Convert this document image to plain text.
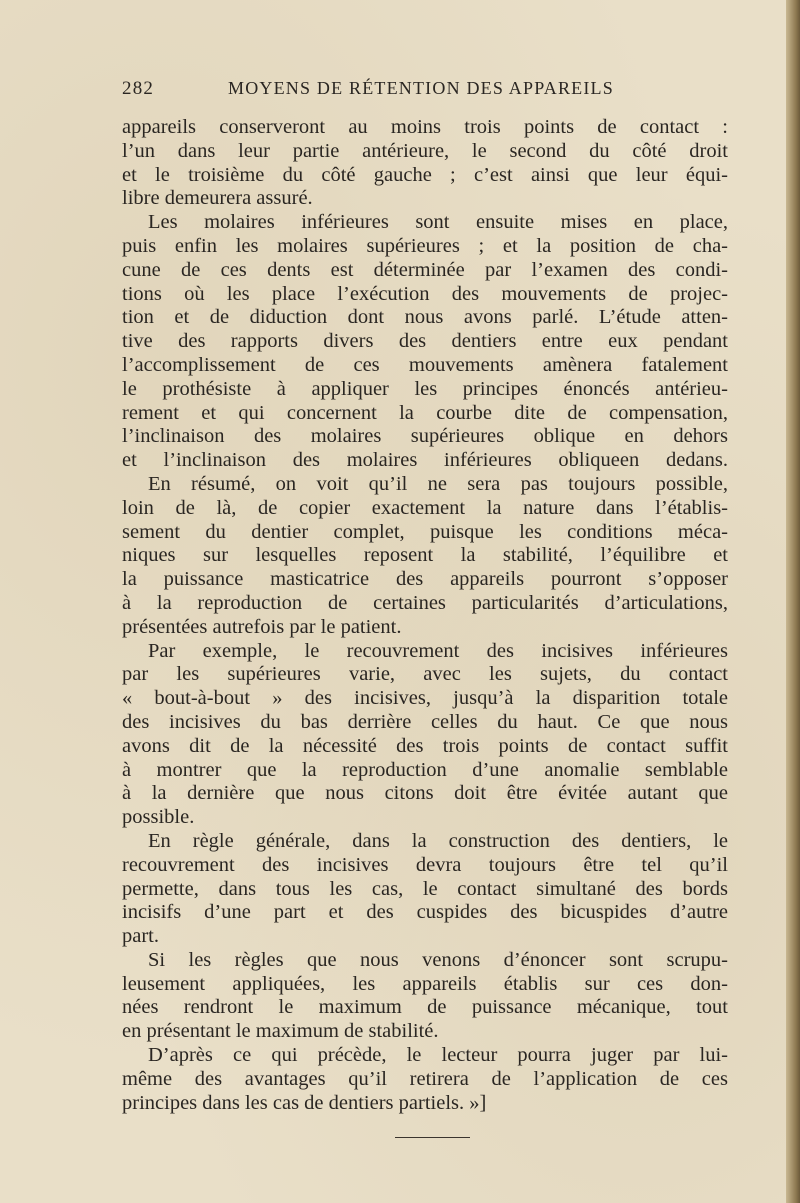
282	MOYENS DE RÉTENTION DES APPAREILS
appareils conserveront au moins trois points de contact :
l’un dans leur partie antérieure, le second du côté droit
et le troisième du côté gauche ; c’est ainsi que leur équi-
libre demeurera assuré.
Les molaires inférieures sont ensuite mises en place,
puis enfin les molaires supérieures ; et la position de cha-
cune de ces dents est déterminée par l’examen des condi-
tions où les place l’exécution des mouvements de projec-
tion et de diduction dont nous avons parlé. L’étude atten-
tive des rapports divers des dentiers entre eux pendant
l’accomplissement de ces mouvements amènera fatalement
le prothésiste à appliquer les principes énoncés antérieu-
rement et qui concernent la courbe dite de compensation,
l’inclinaison des molaires supérieures oblique en dehors
et l’inclinaison des molaires inférieures obliqueen dedans.
En résumé, on voit qu’il ne sera pas toujours possible,
loin de là, de copier exactement la nature dans l’établis-
sement du dentier complet, puisque les conditions méca-
niques sur lesquelles reposent la stabilité, l’équilibre et
la puissance masticatrice des appareils pourront s’opposer
à la reproduction de certaines particularités d’articulations,
présentées autrefois par le patient.
Par exemple, le recouvrement des incisives inférieures
par les supérieures varie, avec les sujets, du contact
« bout-à-bout » des incisives, jusqu’à la disparition totale
des incisives du bas derrière celles du haut. Ce que nous
avons dit de la nécessité des trois points de contact suffit
à montrer que la reproduction d’une anomalie semblable
à la dernière que nous citons doit être évitée autant que
possible.
En règle générale, dans la construction des dentiers, le
recouvrement des incisives devra toujours être tel qu’il
permette, dans tous les cas, le contact simultané des bords
incisifs d’une part et des cuspides des bicuspides d’autre
part.
Si les règles que nous venons d’énoncer sont scrupu-
leusement appliquées, les appareils établis sur ces don-
nées rendront le maximum de puissance mécanique, tout
en présentant le maximum de stabilité.
D’après ce qui précède, le lecteur pourra juger par lui-
même des avantages qu’il retirera de l’application de ces
principes dans les cas de dentiers partiels. »]
